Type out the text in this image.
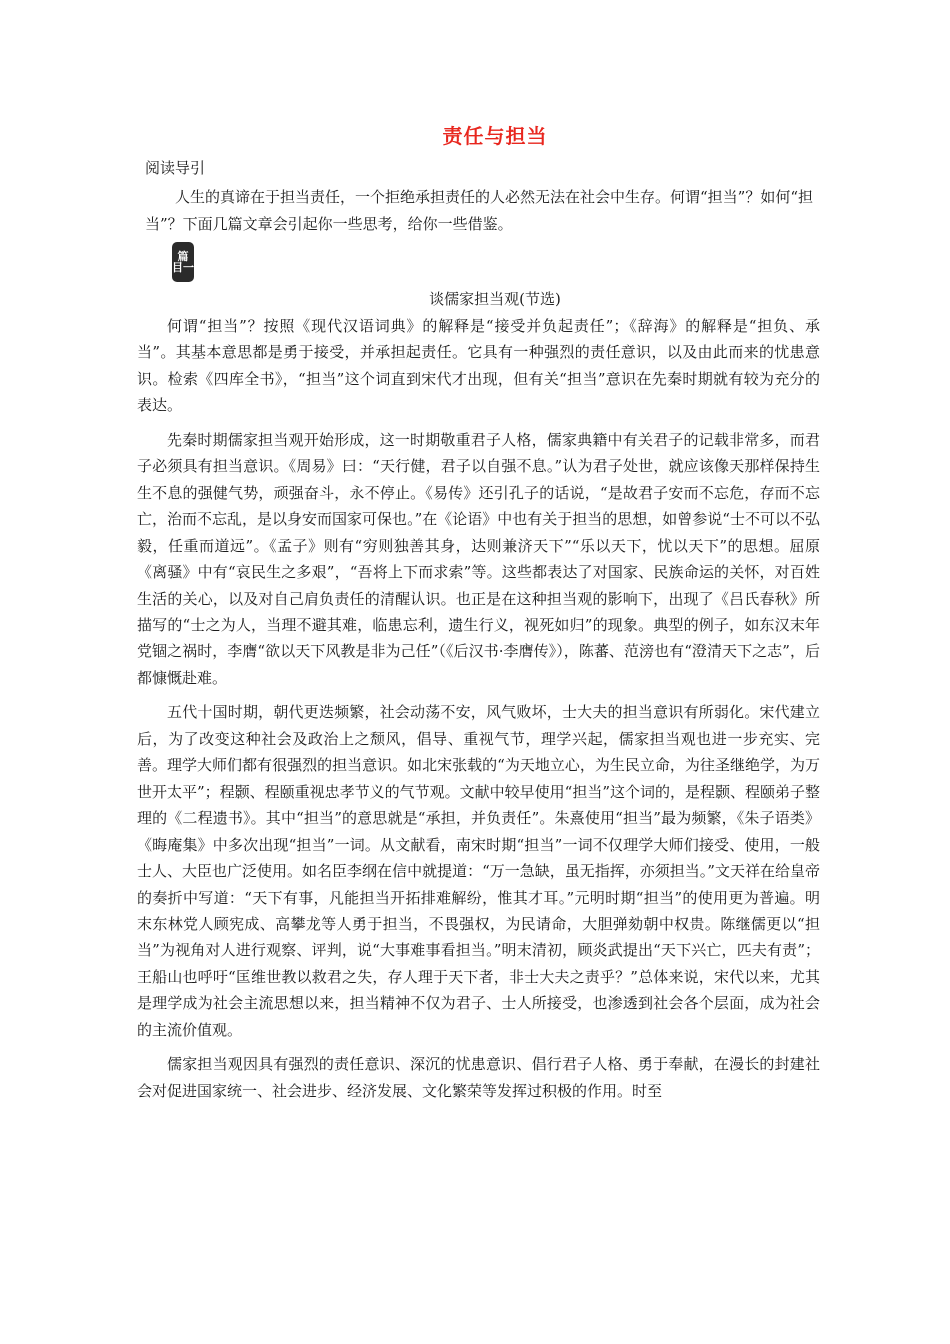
责任与担当
阅读导引
人生的真谛在于担当责任，一个拒绝承担责任的人必然无法在社会中生存。何谓“担当”？如何“担当”？下面几篇文章会引起你一些思考，给你一些借鉴。
篇
目一
谈儒家担当观(节选)

何谓“担当”？按照《现代汉语词典》的解释是“接受并负起责任”；《辞海》的解释是“担负、承当”。其基本意思都是勇于接受，并承担起责任。它具有一种强烈的责任意识，以及由此而来的忧患意识。检索《四库全书》，“担当”这个词直到宋代才出现，但有关“担当”意识在先秦时期就有较为充分的表达。

先秦时期儒家担当观开始形成，这一时期敬重君子人格，儒家典籍中有关君子的记载非常多，而君子必须具有担当意识。《周易》曰：“天行健，君子以自强不息。”认为君子处世，就应该像天那样保持生生不息的强健气势，顽强奋斗，永不停止。《易传》还引孔子的话说，“是故君子安而不忘危，存而不忘亡，治而不忘乱，是以身安而国家可保也。”在《论语》中也有关于担当的思想，如曾参说“士不可以不弘毅，任重而道远”。《孟子》则有“穷则独善其身，达则兼济天下”“乐以天下，忧以天下”的思想。屈原《离骚》中有“哀民生之多艰”，“吾将上下而求索”等。这些都表达了对国家、民族命运的关怀，对百姓生活的关心，以及对自己肩负责任的清醒认识。也正是在这种担当观的影响下，出现了《吕氏春秋》所描写的“士之为人，当理不避其难，临患忘利，遗生行义，视死如归”的现象。典型的例子，如东汉末年党锢之祸时，李膺“欲以天下风教是非为己任”（《后汉书·李膺传》），陈蕃、范滂也有“澄清天下之志”，后都慷慨赴难。

五代十国时期，朝代更迭频繁，社会动荡不安，风气败坏，士大夫的担当意识有所弱化。宋代建立后，为了改变这种社会及政治上之颓风，倡导、重视气节，理学兴起，儒家担当观也进一步充实、完善。理学大师们都有很强烈的担当意识。如北宋张载的“为天地立心，为生民立命，为往圣继绝学，为万世开太平”；程颢、程颐重视忠孝节义的气节观。文献中较早使用“担当”这个词的，是程颢、程颐弟子整理的《二程遗书》。其中“担当”的意思就是“承担，并负责任”。朱熹使用“担当”最为频繁，《朱子语类》《晦庵集》中多次出现“担当”一词。从文献看，南宋时期“担当”一词不仅理学大师们接受、使用，一般士人、大臣也广泛使用。如名臣李纲在信中就提道：“万一急缺，虽无指挥，亦须担当。”文天祥在给皇帝的奏折中写道：“天下有事，凡能担当开拓排难解纷，惟其才耳。”元明时期“担当”的使用更为普遍。明末东林党人顾宪成、高攀龙等人勇于担当，不畏强权，为民请命，大胆弹劾朝中权贵。陈继儒更以“担当”为视角对人进行观察、评判，说“大事难事看担当。”明末清初，顾炎武提出“天下兴亡，匹夫有责”；王船山也呼吁“匡维世教以救君之失，存人理于天下者，非士大夫之责乎？”总体来说，宋代以来，尤其是理学成为社会主流思想以来，担当精神不仅为君子、士人所接受，也渗透到社会各个层面，成为社会的主流价值观。

儒家担当观因具有强烈的责任意识、深沉的忧患意识、倡行君子人格、勇于奉献，在漫长的封建社会对促进国家统一、社会进步、经济发展、文化繁荣等发挥过积极的作用。时至
